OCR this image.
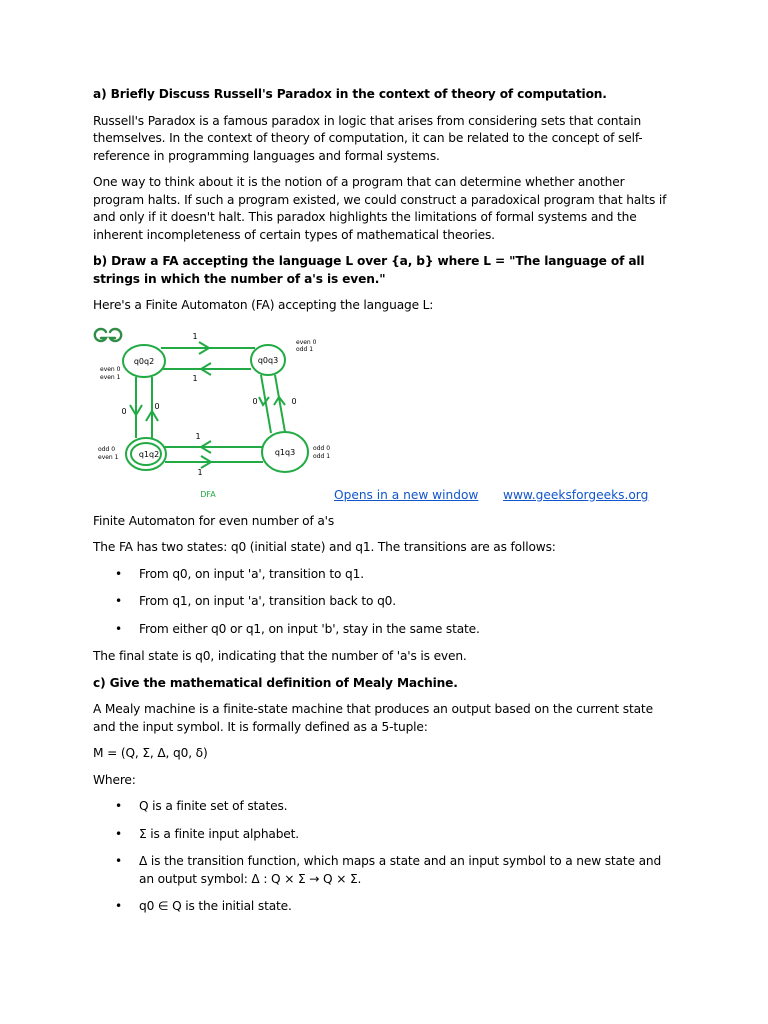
a) Briefly Discuss Russell's Paradox in the context of theory of computation.

Russell's Paradox is a famous paradox in logic that arises from considering sets that contain themselves. In the context of theory of computation, it can be related to the concept of self-reference in programming languages and formal systems.

One way to think about it is the notion of a program that can determine whether another program halts. If such a program existed, we could construct a paradoxical program that halts if and only if it doesn't halt. This paradox highlights the limitations of formal systems and the inherent incompleteness of certain types of mathematical theories.

b) Draw a FA accepting the language L over {a, b} where L = "The language of all strings in which the number of a's is even."

Here's a Finite Automaton (FA) accepting the language L:

q0q2	q0q3
q1q2	q1q3
1
1
1
1
0
0
0	0
even 0
even 1
even 0
odd 1
odd 0
even 1
odd 0
odd 1
DFA	Opens in a new window www.geeksforgeeks.org

Finite Automaton for even number of a's

The FA has two states: q0 (initial state) and q1. The transitions are as follows:

• From q0, on input 'a', transition to q1.
• From q1, on input 'a', transition back to q0.
• From either q0 or q1, on input 'b', stay in the same state.

The final state is q0, indicating that the number of 'a's is even.

c) Give the mathematical definition of Mealy Machine.

A Mealy machine is a finite-state machine that produces an output based on the current state and the input symbol. It is formally defined as a 5-tuple:

M = (Q, Σ, Δ, q0, δ)

Where:

• Q is a finite set of states.
• Σ is a finite input alphabet.
• Δ is the transition function, which maps a state and an input symbol to a new state and an output symbol: Δ : Q × Σ → Q × Σ.
• q0 ∈ Q is the initial state.
